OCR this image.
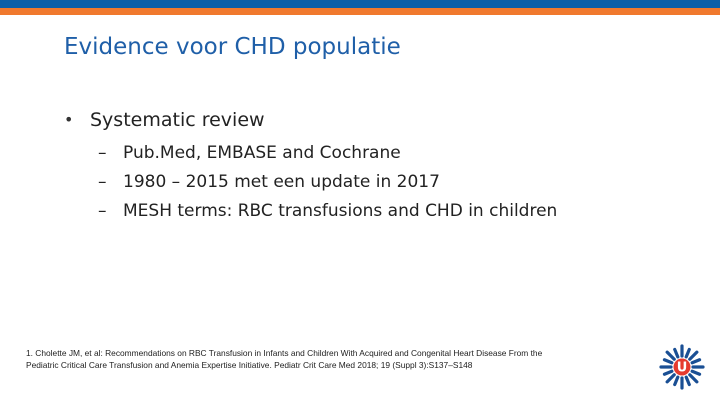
Evidence voor CHD populatie
• Systematic review
– Pub.Med, EMBASE and Cochrane
– 1980 – 2015 met een update in 2017
– MESH terms: RBC transfusions and CHD in children
1. Cholette JM, et al: Recommendations on RBC Transfusion in Infants and Children With Acquired and Congenital Heart Disease From the
Pediatric Critical Care Transfusion and Anemia Expertise Initiative. Pediatr Crit Care Med 2018; 19 (Suppl 3):S137–S148	U
